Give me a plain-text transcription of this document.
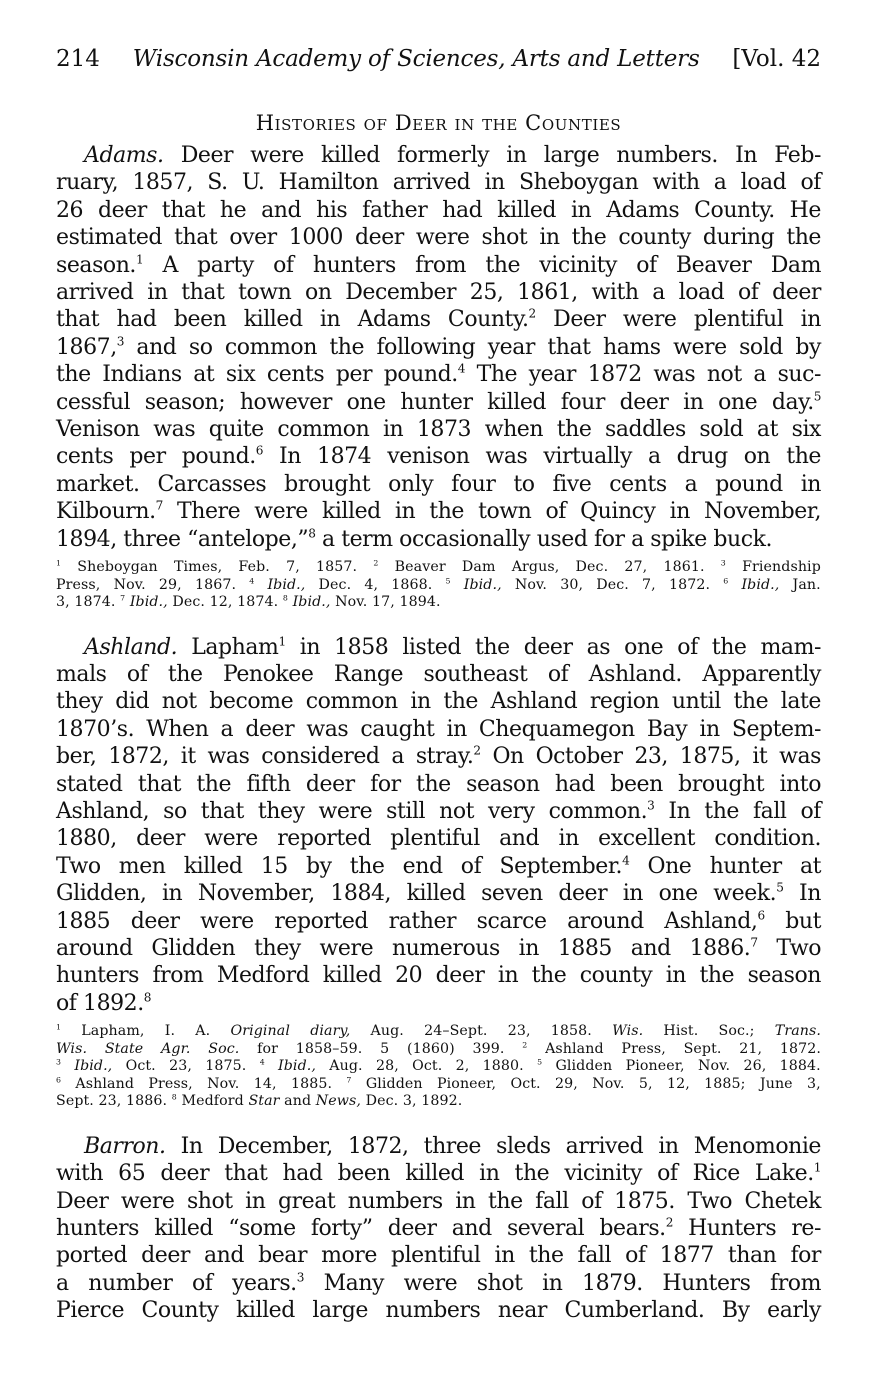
214 Wisconsin Academy of Sciences, Arts and Letters [Vol. 42
Histories of Deer in the Counties
Adams. Deer were killed formerly in large numbers. In Feb-
ruary, 1857, S. U. Hamilton arrived in Sheboygan with a load of
26 deer that he and his father had killed in Adams County. He
estimated that over 1000 deer were shot in the county during the
season.$^1$ A party of hunters from the vicinity of Beaver Dam
arrived in that town on December 25, 1861, with a load of deer
that had been killed in Adams County.$^2$ Deer were plentiful in
1867,$^3$ and so common the following year that hams were sold by
the Indians at six cents per pound.$^4$ The year 1872 was not a suc-
cessful season; however one hunter killed four deer in one day.$^5$
Venison was quite common in 1873 when the saddles sold at six
cents per pound.$^6$ In 1874 venison was virtually a drug on the
market. Carcasses brought only four to five cents a pound in
Kilbourn.$^7$ There were killed in the town of Quincy in November,
1894, three “antelope,”$^8$ a term occasionally used for a spike buck.
$^1$ Sheboygan Times, Feb. 7, 1857. $^2$ Beaver Dam Argus, Dec. 27, 1861. $^3$ Friendship
Press, Nov. 29, 1867. $^4$ Ibid., Dec. 4, 1868. $^5$ Ibid., Nov. 30, Dec. 7, 1872. $^6$ Ibid., Jan.
3, 1874. $^7$ Ibid., Dec. 12, 1874. $^8$ Ibid., Nov. 17, 1894.
Ashland. Lapham$^1$ in 1858 listed the deer as one of the mam-
mals of the Penokee Range southeast of Ashland. Apparently
they did not become common in the Ashland region until the late
1870’s. When a deer was caught in Chequamegon Bay in Septem-
ber, 1872, it was considered a stray.$^2$ On October 23, 1875, it was
stated that the fifth deer for the season had been brought into
Ashland, so that they were still not very common.$^3$ In the fall of
1880, deer were reported plentiful and in excellent condition.
Two men killed 15 by the end of September.$^4$ One hunter at
Glidden, in November, 1884, killed seven deer in one week.$^5$ In
1885 deer were reported rather scarce around Ashland,$^6$ but
around Glidden they were numerous in 1885 and 1886.$^7$ Two
hunters from Medford killed 20 deer in the county in the season
of 1892.$^8$
$^1$ Lapham, I. A. Original diary, Aug. 24–Sept. 23, 1858. Wis. Hist. Soc.; Trans.
Wis. State Agr. Soc. for 1858–59. 5 (1860) 399. $^2$ Ashland Press, Sept. 21, 1872.
$^3$ Ibid., Oct. 23, 1875. $^4$ Ibid., Aug. 28, Oct. 2, 1880. $^5$ Glidden Pioneer, Nov. 26, 1884.
$^6$ Ashland Press, Nov. 14, 1885. $^7$ Glidden Pioneer, Oct. 29, Nov. 5, 12, 1885; June 3,
Sept. 23, 1886. $^8$ Medford Star and News, Dec. 3, 1892.
Barron. In December, 1872, three sleds arrived in Menomonie
with 65 deer that had been killed in the vicinity of Rice Lake.$^1$
Deer were shot in great numbers in the fall of 1875. Two Chetek
hunters killed “some forty” deer and several bears.$^2$ Hunters re-
ported deer and bear more plentiful in the fall of 1877 than for
a number of years.$^3$ Many were shot in 1879. Hunters from
Pierce County killed large numbers near Cumberland. By early
